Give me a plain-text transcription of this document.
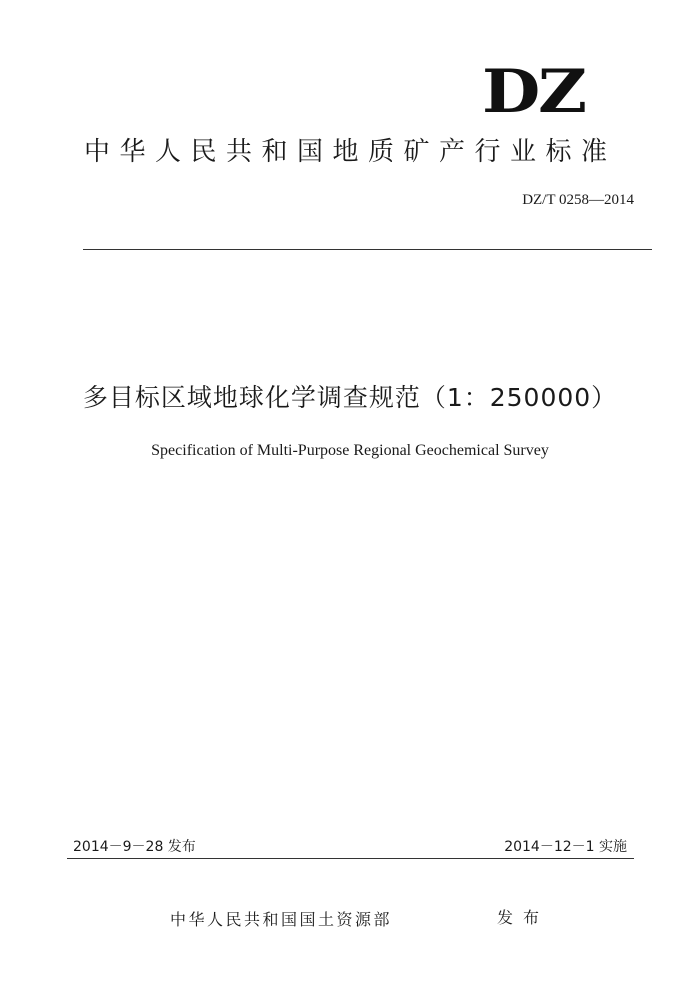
DZ
中华人民共和国地质矿产行业标准
DZ/T 0258—2014
多目标区域地球化学调查规范（1：250000）
Specification of Multi-Purpose Regional Geochemical Survey
2014－9－28 发布	2014－12－1 实施
中华人民共和国国土资源部	发布
